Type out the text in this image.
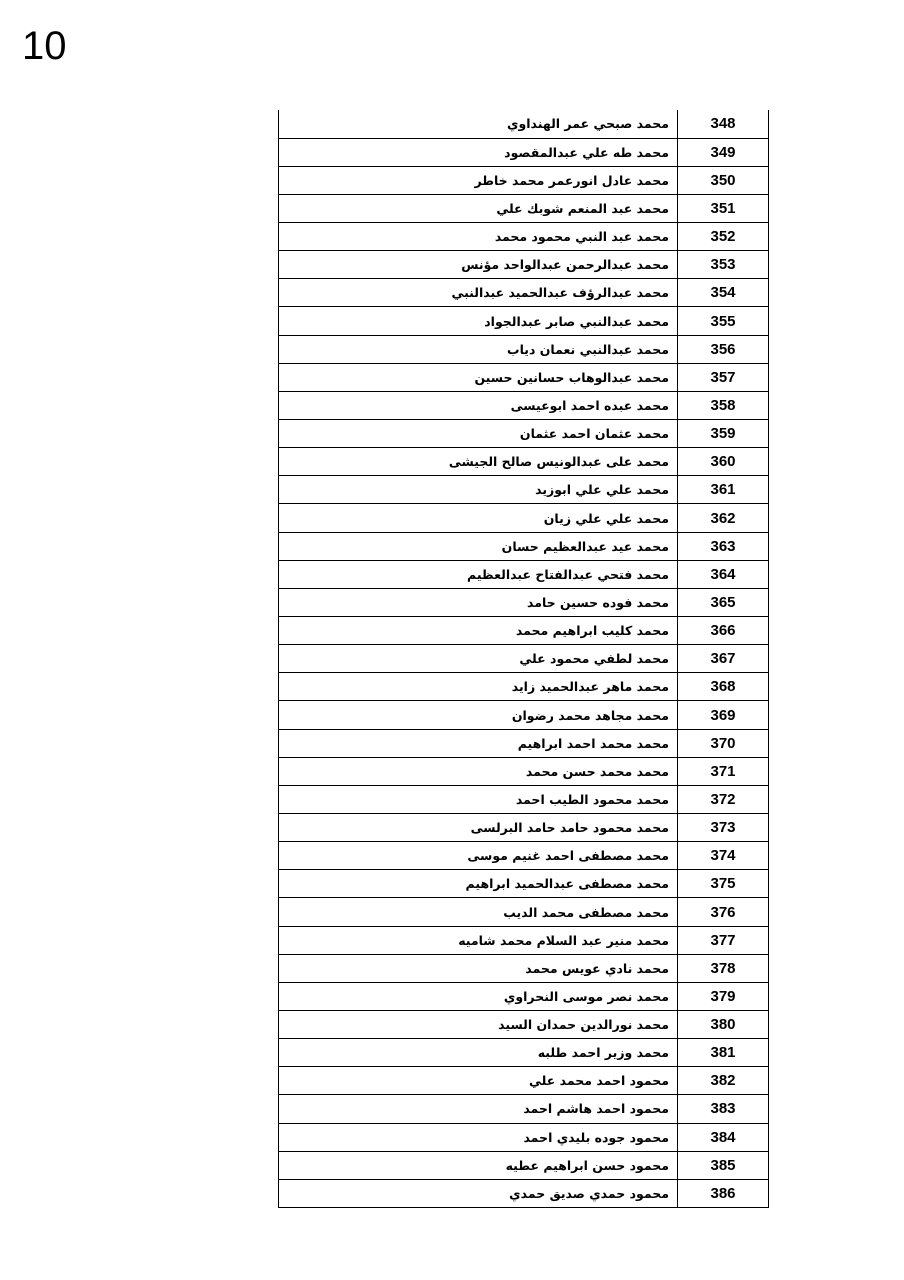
10
348	محمد صبحي عمر الهنداوي
349	محمد طه علي عبدالمقصود
350	محمد عادل انورعمر محمد خاطر
351	محمد عبد المنعم شوبك علي
352	محمد عبد النبي محمود محمد
353	محمد عبدالرحمن عبدالواحد مؤنس
354	محمد عبدالرؤف عبدالحميد عبدالنبي
355	محمد عبدالنبي صابر عبدالجواد
356	محمد عبدالنبي نعمان دياب
357	محمد عبدالوهاب حسانين حسين
358	محمد عبده احمد ابوعيسى
359	محمد عثمان احمد عثمان
360	محمد على عبدالونيس صالح الجيشى
361	محمد علي علي ابوزيد
362	محمد علي علي زيان
363	محمد عيد عبدالعظيم حسان
364	محمد فتحي عبدالفتاح عبدالعظيم
365	محمد فوده حسين حامد
366	محمد كليب ابراهيم محمد
367	محمد لطفي محمود علي
368	محمد ماهر عبدالحميد زايد
369	محمد مجاهد محمد رضوان
370	محمد محمد احمد ابراهيم
371	محمد محمد حسن محمد
372	محمد محمود الطيب احمد
373	محمد محمود حامد حامد البرلسى
374	محمد مصطفى احمد غنيم موسى
375	محمد مصطفى عبدالحميد ابراهيم
376	محمد مصطفى محمد الديب
377	محمد منير عبد السلام محمد شاميه
378	محمد نادي عويس محمد
379	محمد نصر موسى النحراوي
380	محمد نورالدين حمدان السيد
381	محمد وزير احمد طلبه
382	محمود احمد محمد علي
383	محمود احمد هاشم احمد
384	محمود جوده بليدي احمد
385	محمود حسن ابراهيم عطيه
386	محمود حمدي صديق حمدي
